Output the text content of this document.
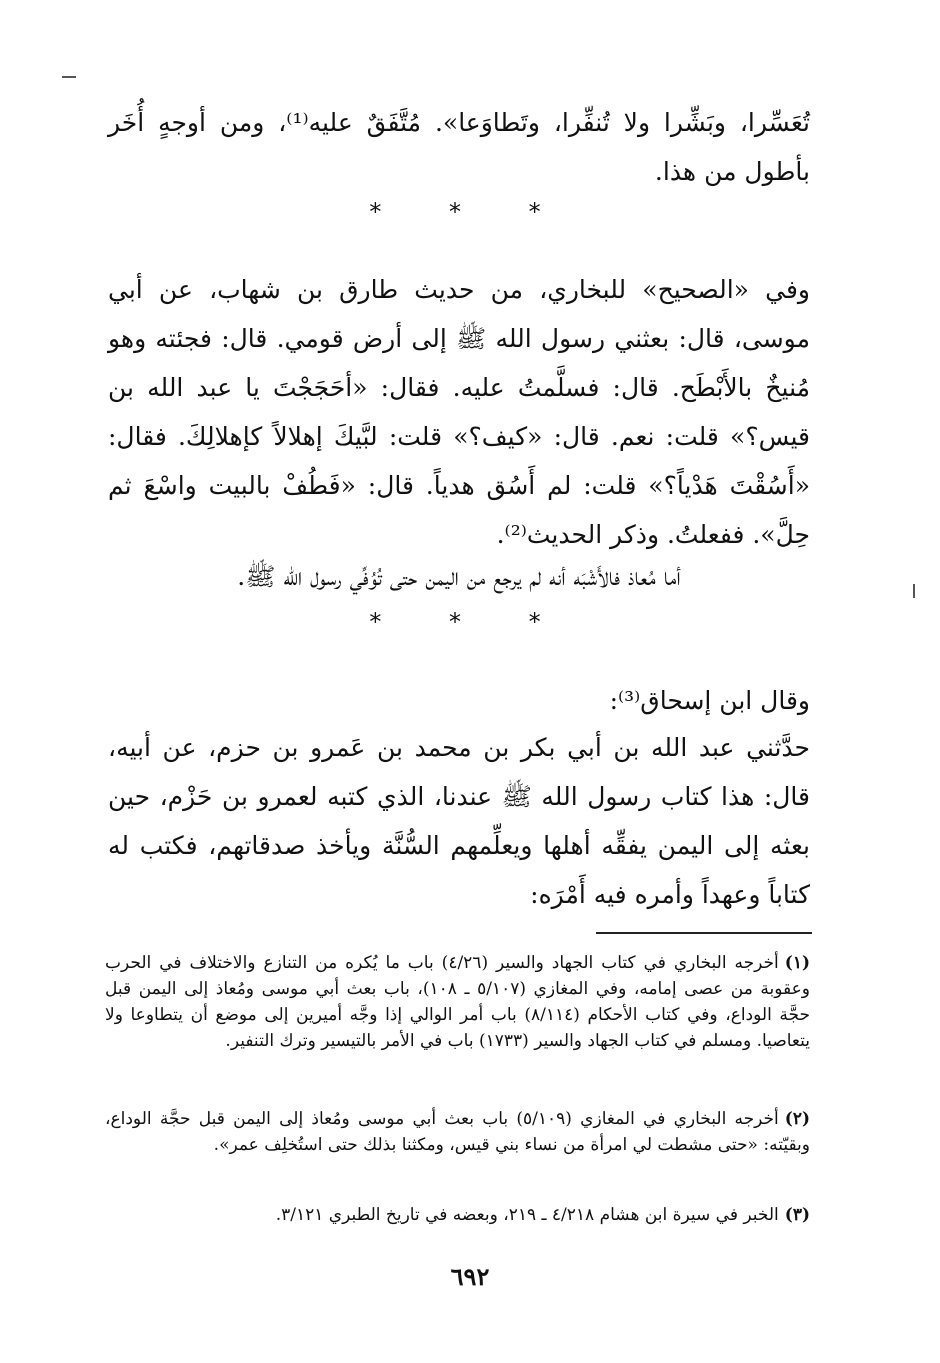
تُعَسِّرا، وبَشِّرا ولا تُنفِّرا، وتَطاوَعا». مُتَّفَقٌ عليه⁽¹⁾، ومن أوجهٍ أُخَر بأطول من هذا.
* * *
وفي «الصحيح» للبخاري، من حديث طارق بن شهاب، عن أبي موسى، قال: بعثني رسول الله ﷺ إلى أرض قومي. قال: فجئته وهو مُنيخٌ بالأَبْطَح. قال: فسلَّمتُ عليه. فقال: «أحَجَجْتَ يا عبد الله بن قيس؟» قلت: نعم. قال: «كيف؟» قلت: لبَّيكَ إهلالاً كإهلالِكَ. فقال: «أَسُقْتَ هَدْياً؟» قلت: لم أَسُق هدياً. قال: «فَطُفْ بالبيت واسْعَ ثم حِلَّ». ففعلتُ. وذكر الحديث⁽²⁾.
أما مُعاذ فالأَشْبَه أنه لم يرجع من اليمن حتى تُوُفِّي رسول الله ﷺ.
* * *
وقال ابن إسحاق⁽³⁾:
حدَّثني عبد الله بن أبي بكر بن محمد بن عَمرو بن حزم، عن أبيه، قال: هذا كتاب رسول الله ﷺ عندنا، الذي كتبه لعمرو بن حَزْم، حين بعثه إلى اليمن يفقِّه أهلها ويعلِّمهم السُّنَّة ويأخذ صدقاتهم، فكتب له كتاباً وعهداً وأمره فيه أَمْرَه:
(١)أخرجه البخاري في كتاب الجهاد والسير (٤/٢٦) باب ما يُكره من التنازع والاختلاف في الحرب وعقوبة من عصى إمامه، وفي المغازي (٥/١٠٧ ـ ١٠٨)، باب بعث أبي موسى ومُعاذ إلى اليمن قبل حجَّة الوداع، وفي كتاب الأحكام (٨/١١٤) باب أمر الوالي إذا وجَّه أميرين إلى موضع أن يتطاوعا ولا يتعاصيا. ومسلم في كتاب الجهاد والسير (١٧٣٣) باب في الأمر بالتيسير وترك التنفير.
(٢)أخرجه البخاري في المغازي (٥/١٠٩) باب بعث أبي موسى ومُعاذ إلى اليمن قبل حجَّة الوداع، وبقيّته: «حتى مشطت لي امرأة من نساء بني قيس، ومكثنا بذلك حتى استُخلِف عمر».
(٣)الخبر في سيرة ابن هشام ٤/٢١٨ ـ ٢١٩، وبعضه في تاريخ الطبري ٣/١٢١.
٦٩٢
